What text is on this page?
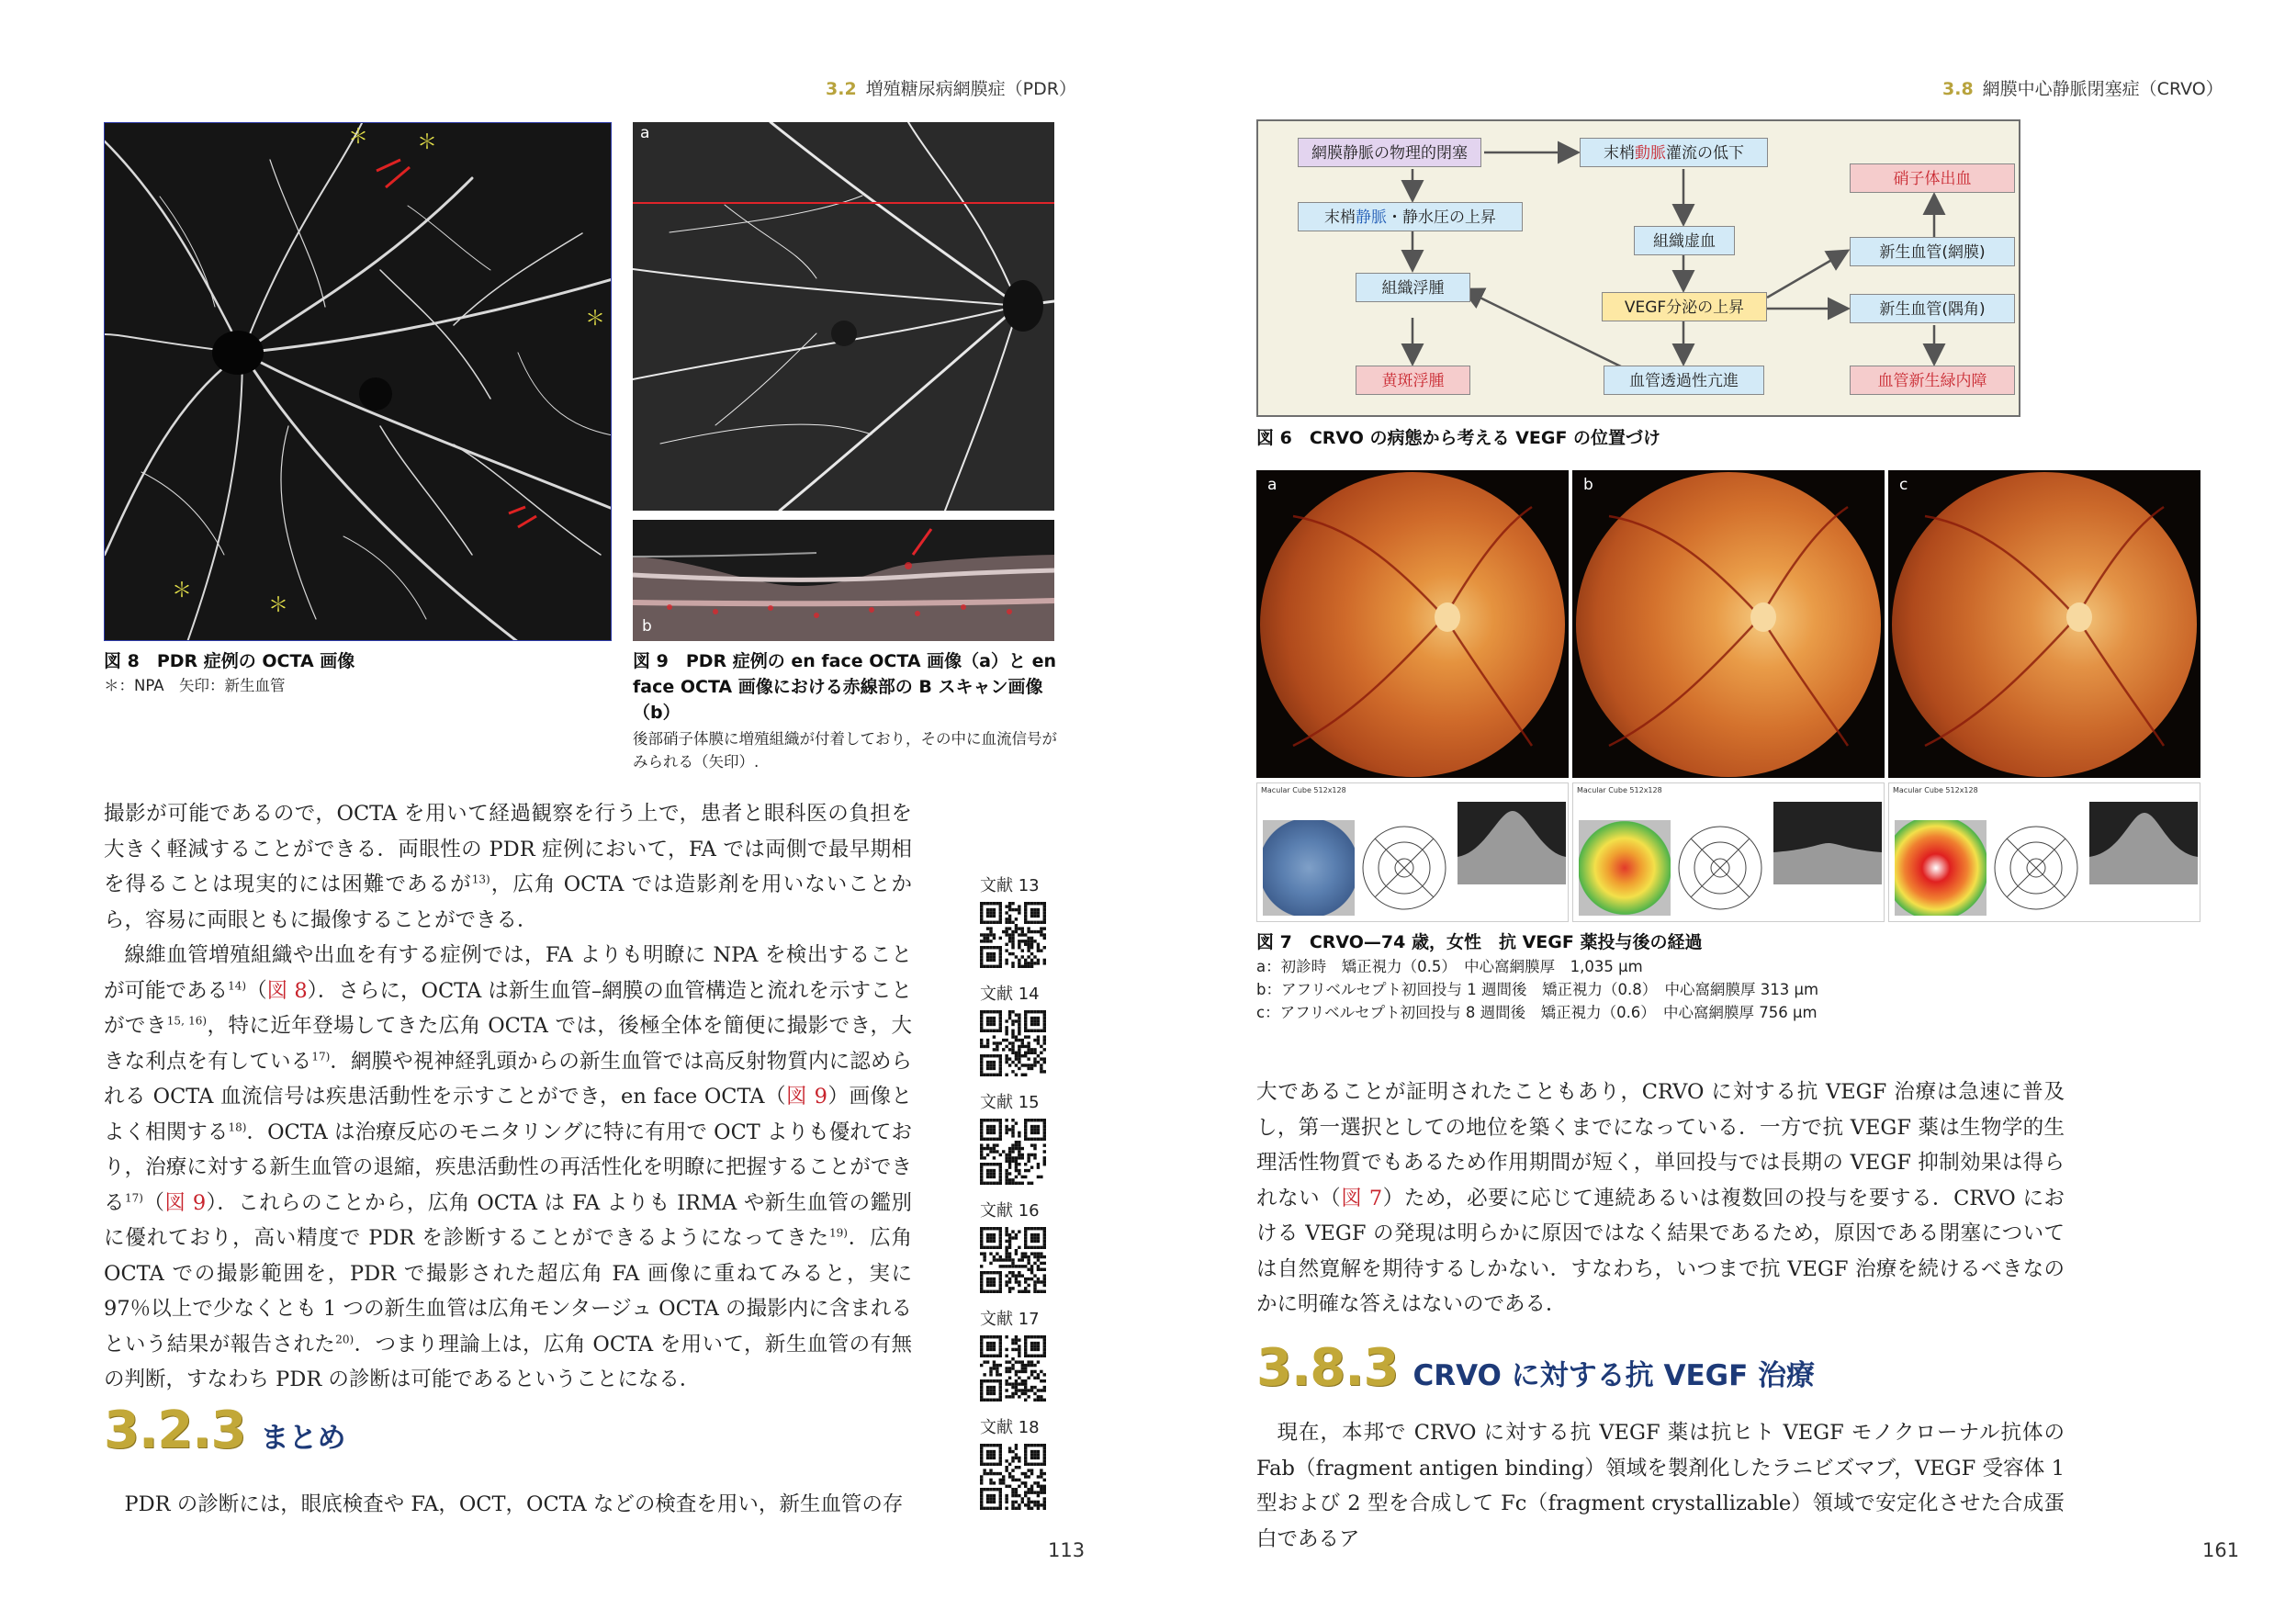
3.2 増殖糖尿病網膜症（PDR）
＊ ＊
＊
＊
＊
a
b
図 8　PDR 症例の OCTA 画像
＊：NPA　矢印：新生血管
図 9　PDR 症例の en face OCTA 画像（a）と en face OCTA 画像における赤線部の B スキャン画像（b）
後部硝子体膜に増殖組織が付着しており，その中に血流信号がみられる（矢印）.

撮影が可能であるので，OCTA を用いて経過観察を行う上で，患者と眼科医の負担を大きく軽減することができる．両眼性の PDR 症例において，FA では両側で最早期相を得ることは現実的には困難であるが$^{13)}$，広角 OCTA では造影剤を用いないことから，容易に両眼ともに撮像することができる．

線維血管増殖組織や出血を有する症例では，FA よりも明瞭に NPA を検出することが可能である$^{14)}$（図 8）．さらに，OCTA は新生血管–網膜の血管構造と流れを示すことができ$^{15, 16)}$，特に近年登場してきた広角 OCTA では，後極全体を簡便に撮影でき，大きな利点を有している$^{17)}$．網膜や視神経乳頭からの新生血管では高反射物質内に認められる OCTA 血流信号は疾患活動性を示すことができ，en face OCTA（図 9）画像とよく相関する$^{18)}$．OCTA は治療反応のモニタリングに特に有用で OCT よりも優れており，治療に対する新生血管の退縮，疾患活動性の再活性化を明瞭に把握することができる$^{17)}$（図 9）．これらのことから，広角 OCTA は FA よりも IRMA や新生血管の鑑別に優れており，高い精度で PDR を診断することができるようになってきた$^{19)}$．広角 OCTA での撮影範囲を，PDR で撮影された超広角 FA 画像に重ねてみると，実に 97％以上で少なくとも 1 つの新生血管は広角モンタージュ OCTA の撮影内に含まれるという結果が報告された$^{20)}$．つまり理論上は，広角 OCTA を用いて，新生血管の有無の判断，すなわち PDR の診断は可能であるということになる．

3.2.3 まとめ

PDR の診断には，眼底検査や FA，OCT，OCTA などの検査を用い，新生血管の存

文献 13
文献 14
文献 15
文献 16
文献 17
文献 18
113
3.8 網膜中心静脈閉塞症（CRVO）
網膜静脈の物理的閉塞	末梢動脈灌流の低下
末梢静脈・静水圧の上昇
組織虚血
組織浮腫
VEGF分泌の上昇
硝子体出血
新生血管(網膜)
新生血管(隅角)
黄斑浮腫	血管透過性亢進	血管新生緑内障
図 6　CRVO の病態から考える VEGF の位置づけ
a	b	c
Macular Cube 512x128	Macular Cube 512x128	Macular Cube 512x128
図 7　CRVO—74 歳，女性　抗 VEGF 薬投与後の経過
a：初診時　矯正視力（0.5）　中心窩網膜厚　1,035 μm
b：アフリベルセプト初回投与 1 週間後　矯正視力（0.8）　中心窩網膜厚 313 μm
c：アフリベルセプト初回投与 8 週間後　矯正視力（0.6）　中心窩網膜厚 756 μm

大であることが証明されたこともあり，CRVO に対する抗 VEGF 治療は急速に普及し，第一選択としての地位を築くまでになっている．一方で抗 VEGF 薬は生物学的生理活性物質でもあるため作用期間が短く，単回投与では長期の VEGF 抑制効果は得られない（図 7）ため，必要に応じて連続あるいは複数回の投与を要する．CRVO における VEGF の発現は明らかに原因ではなく結果であるため，原因である閉塞については自然寛解を期待するしかない．すなわち，いつまで抗 VEGF 治療を続けるべきなのかに明確な答えはないのである．

3.8.3 CRVO に対する抗 VEGF 治療

現在，本邦で CRVO に対する抗 VEGF 薬は抗ヒト VEGF モノクローナル抗体の Fab（fragment antigen binding）領域を製剤化したラニビズマブ，VEGF 受容体 1 型および 2 型を合成して Fc（fragment crystallizable）領域で安定化させた合成蛋白であるア	161
